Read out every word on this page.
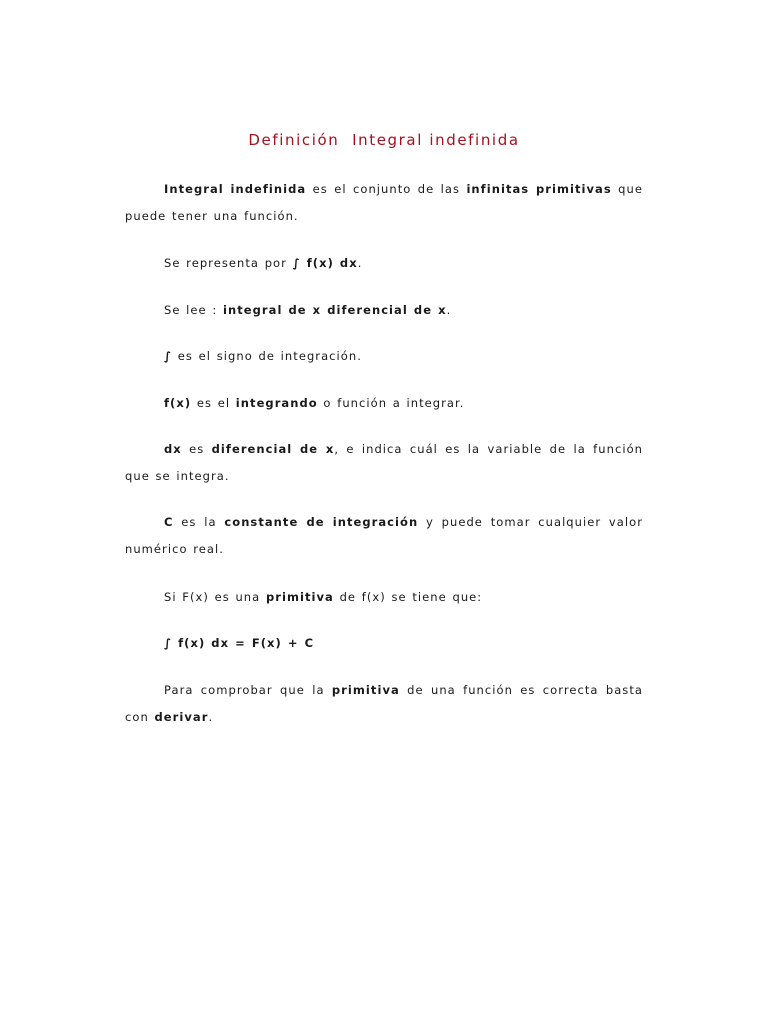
Definición  Integral indefinida

Integral indefinida es el conjunto de las infinitas primitivas que puede tener una función.

Se representa por ∫ f(x) dx.

Se lee : integral de x diferencial de x.

∫ es el signo de integración.

f(x) es el integrando o función a integrar.

dx es diferencial de x, e indica cuál es la variable de la función que se integra.

C es la constante de integración y puede tomar cualquier valor numérico real.

Si F(x) es una primitiva de f(x) se tiene que:

∫ f(x) dx = F(x) + C

Para comprobar que la primitiva de una función es correcta basta con derivar.
